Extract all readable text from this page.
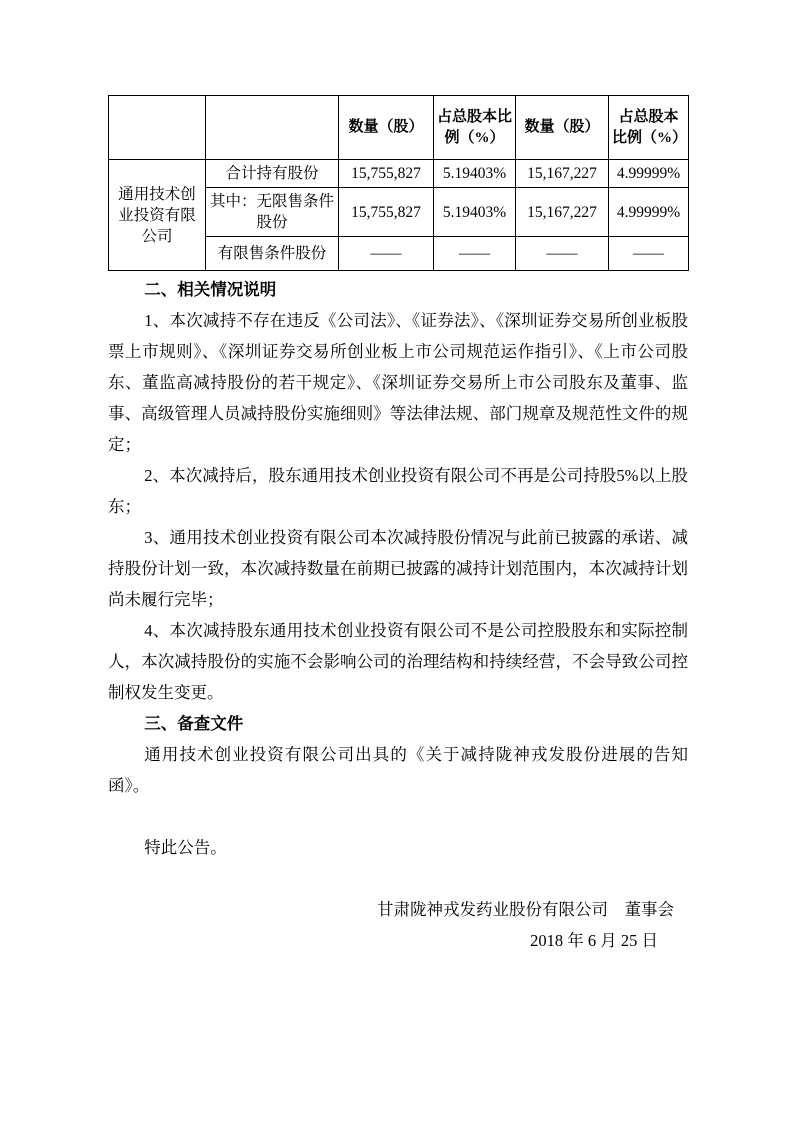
		数量（股）	占总股本比例（%）	数量（股）	占总股本比例（%）
通用技术创业投资有限公司	合计持有股份	15,755,827	5.19403%	15,167,227	4.99999%
	其中：无限售条件股份	15,755,827	5.19403%	15,167,227	4.99999%
	有限售条件股份	——	——	——	——

二、相关情况说明

1、本次减持不存在违反《公司法》、《证券法》、《深圳证券交易所创业板股票上市规则》、《深圳证券交易所创业板上市公司规范运作指引》、《上市公司股东、董监高减持股份的若干规定》、《深圳证券交易所上市公司股东及董事、监事、高级管理人员减持股份实施细则》等法律法规、部门规章及规范性文件的规定；

2、本次减持后，股东通用技术创业投资有限公司不再是公司持股5%以上股东；

3、通用技术创业投资有限公司本次减持股份情况与此前已披露的承诺、减持股份计划一致，本次减持数量在前期已披露的减持计划范围内，本次减持计划尚未履行完毕；

4、本次减持股东通用技术创业投资有限公司不是公司控股股东和实际控制人，本次减持股份的实施不会影响公司的治理结构和持续经营，不会导致公司控制权发生变更。

三、备查文件

通用技术创业投资有限公司出具的《关于减持陇神戎发股份进展的告知函》。

特此公告。

甘肃陇神戎发药业股份有限公司　董事会

2018 年 6 月 25 日
